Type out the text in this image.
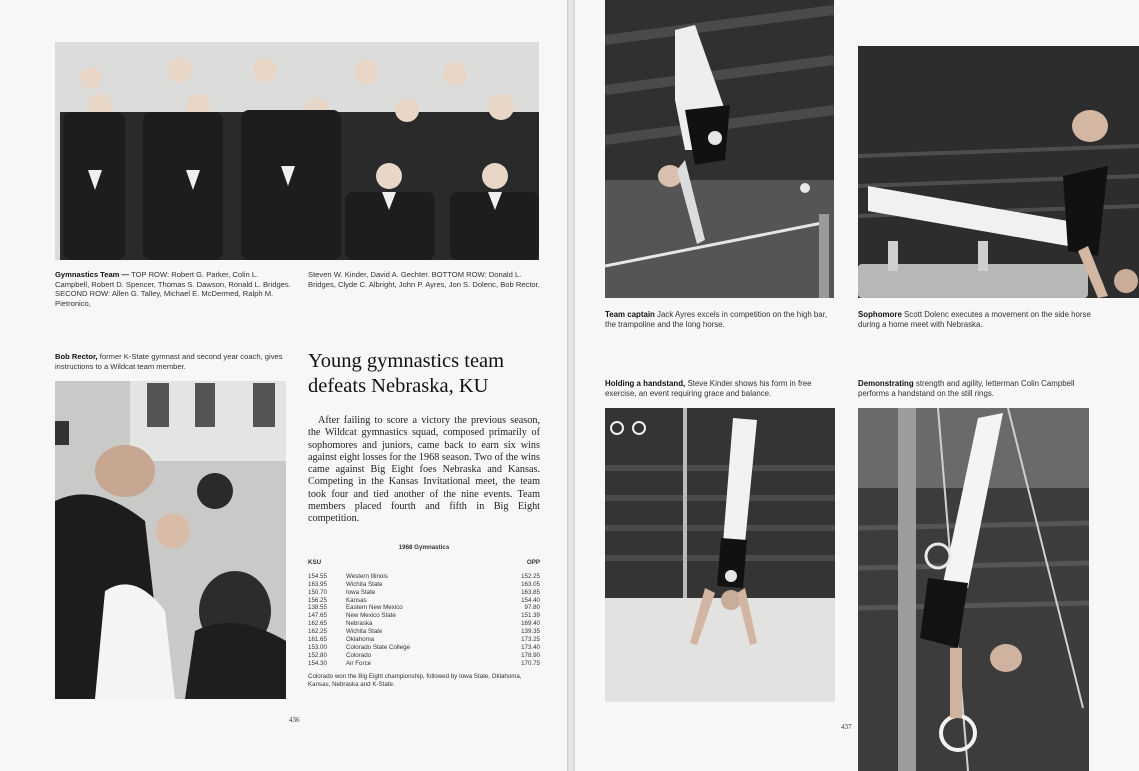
Gymnastics Team — TOP ROW: Robert G. Parker, Colin L. Campbell, Robert D. Spencer, Thomas S. Dawson, Ronald L. Bridges. SECOND ROW: Allen G. Talley, Michael E. McDermed, Ralph M. Pietronico,
Steven W. Kinder, David A. Gechter. BOTTOM ROW: Donald L. Bridges, Clyde C. Albright, John P. Ayres, Jon S. Dolenc, Bob Rector.
Bob Rector, former K-State gymnast and second year coach, gives instructions to a Wildcat team member.	Young gymnastics team defeats Nebraska, KU
After failing to score a victory the previous season, the Wildcat gymnastics squad, composed primarily of sophomores and juniors, came back to earn six wins against eight losses for the 1968 season. Two of the wins came against Big Eight foes Nebraska and Kansas. Competing in the Kansas Invitational meet, the team took four and tied another of the nine events. Team members placed fourth and fifth in Big Eight competition.
1968 Gymnastics
KSU	OPP
154.55	Western Illinois	152.25
163.95	Wichita State	163.05
150.70	Iowa State	163.85
156.25	Kansas	154.40
138.55	Eastern New Mexico	97.80
147.65	New Mexico State	151.39
162.65	Nebraska	169.40
162.25	Wichita State	139.35
161.65	Oklahoma	173.25
153.00	Colorado State College	173.40
152.80	Colorado	178.90
154.30	Air Force	170.75
Colorado won the Big Eight championship, followed by Iowa State, Oklahoma, Kansas, Nebraska and K-State.
436
Team captain Jack Ayres excels in competition on the high bar, the trampoline and the long horse.
Sophomore Scott Dolenc executes a movement on the side horse during a home meet with Nebraska.
Holding a handstand, Steve Kinder shows his form in free exercise, an event requiring grace and balance.
Demonstrating strength and agility, letterman Colin Campbell performs a handstand on the still rings.
437
